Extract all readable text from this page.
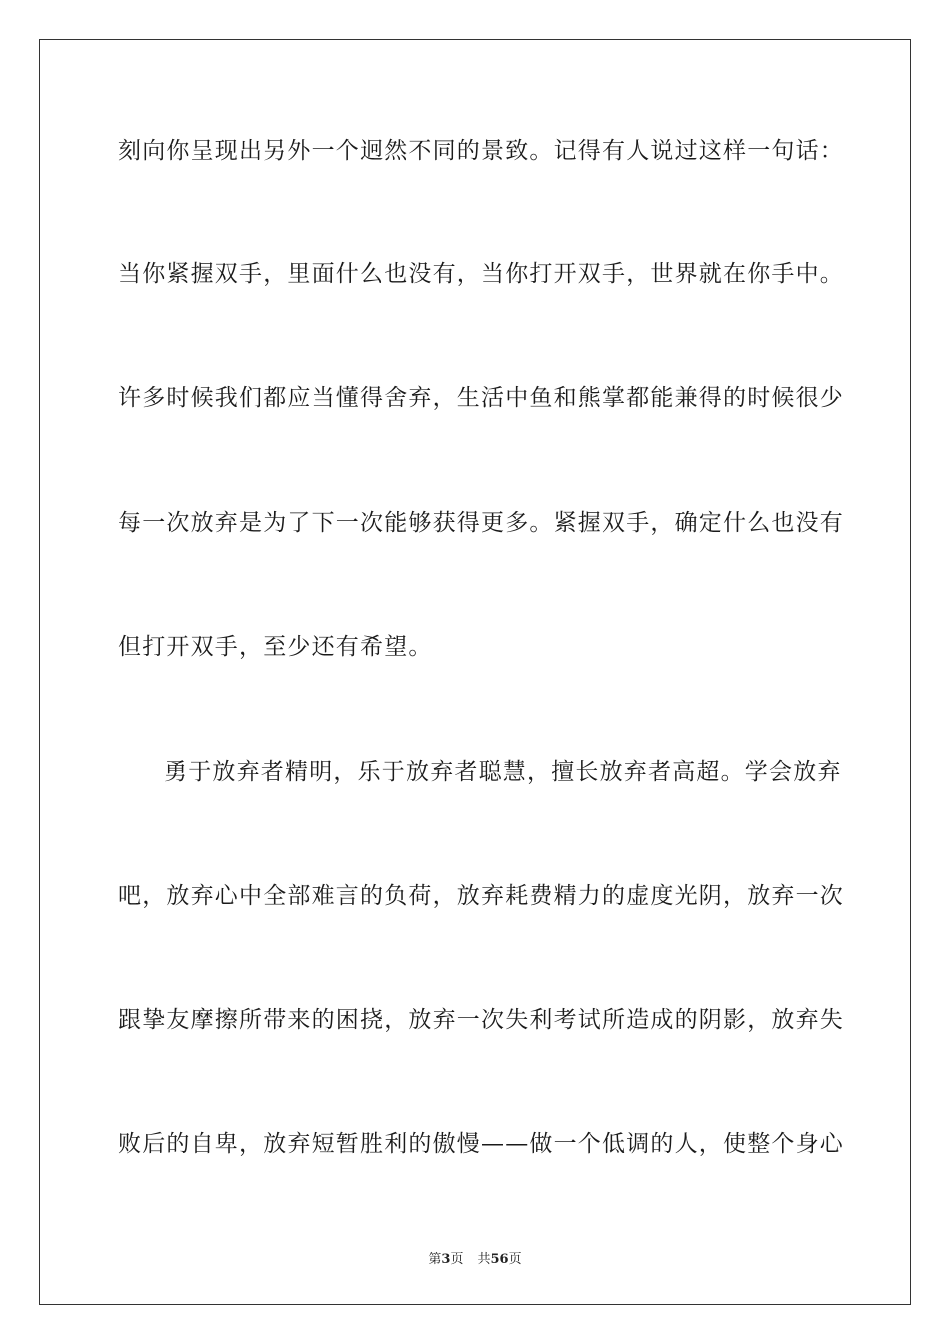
刻向你呈现出另外一个迥然不同的景致。记得有人说过这样一句话：
当你紧握双手，里面什么也没有，当你打开双手，世界就在你手中。
许多时候我们都应当懂得舍弃，生活中鱼和熊掌都能兼得的时候很少
每一次放弃是为了下一次能够获得更多。紧握双手，确定什么也没有
但打开双手，至少还有希望。
勇于放弃者精明，乐于放弃者聪慧，擅长放弃者高超。学会放弃
吧，放弃心中全部难言的负荷，放弃耗费精力的虚度光阴，放弃一次
跟挚友摩擦所带来的困挠，放弃一次失利考试所造成的阴影，放弃失
败后的自卑，放弃短暂胜利的傲慢——做一个低调的人，使整个身心
第3页 共56页
